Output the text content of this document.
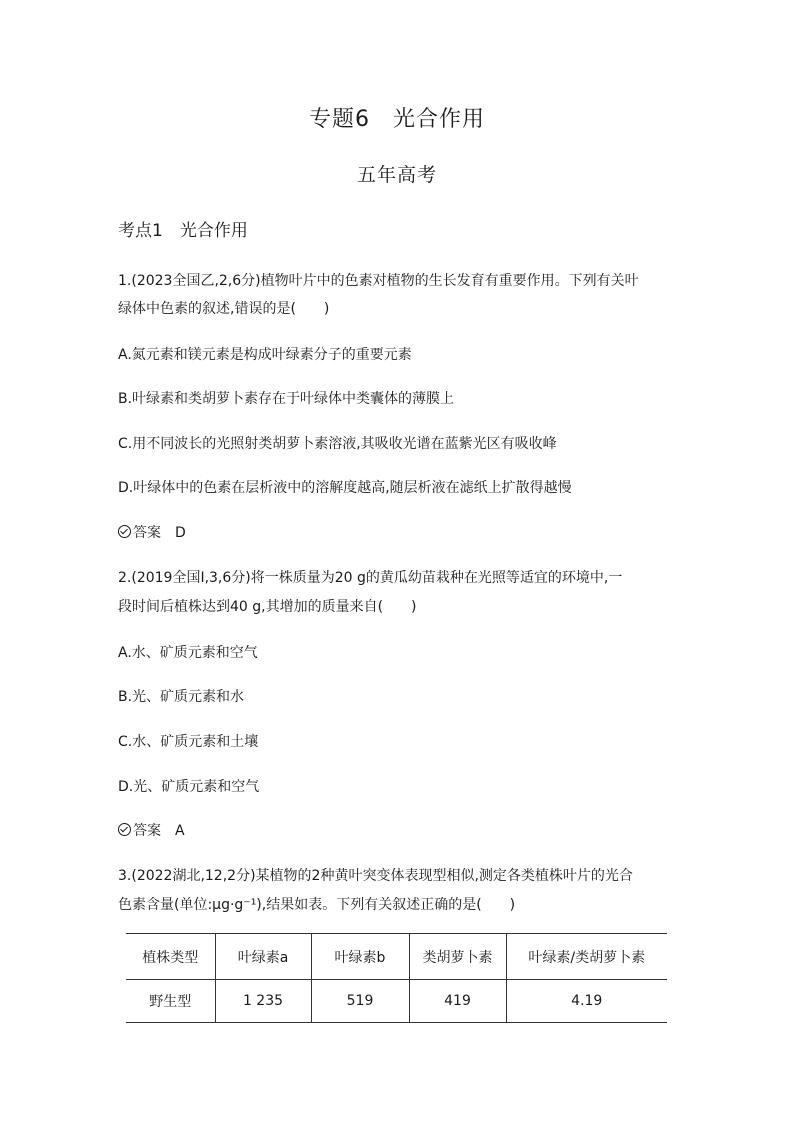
专题6　光合作用
五年高考
考点1　光合作用
1.(2023全国乙,2,6分)植物叶片中的色素对植物的生长发育有重要作用。下列有关叶
绿体中色素的叙述,错误的是(　　)
A.氮元素和镁元素是构成叶绿素分子的重要元素
B.叶绿素和类胡萝卜素存在于叶绿体中类囊体的薄膜上
C.用不同波长的光照射类胡萝卜素溶液,其吸收光谱在蓝紫光区有吸收峰
D.叶绿体中的色素在层析液中的溶解度越高,随层析液在滤纸上扩散得越慢
答案　D
2.(2019全国Ⅰ,3,6分)将一株质量为20 g的黄瓜幼苗栽种在光照等适宜的环境中,一
段时间后植株达到40 g,其增加的质量来自(　　)
A.水、矿质元素和空气
B.光、矿质元素和水
C.水、矿质元素和土壤
D.光、矿质元素和空气
答案　A
3.(2022湖北,12,2分)某植物的2种黄叶突变体表现型相似,测定各类植株叶片的光合
色素含量(单位:μg·g⁻¹),结果如表。下列有关叙述正确的是(　　)
植株类型	叶绿素a	叶绿素b	类胡萝卜素	叶绿素/类胡萝卜素
野生型	1 235	519	419	4.19
